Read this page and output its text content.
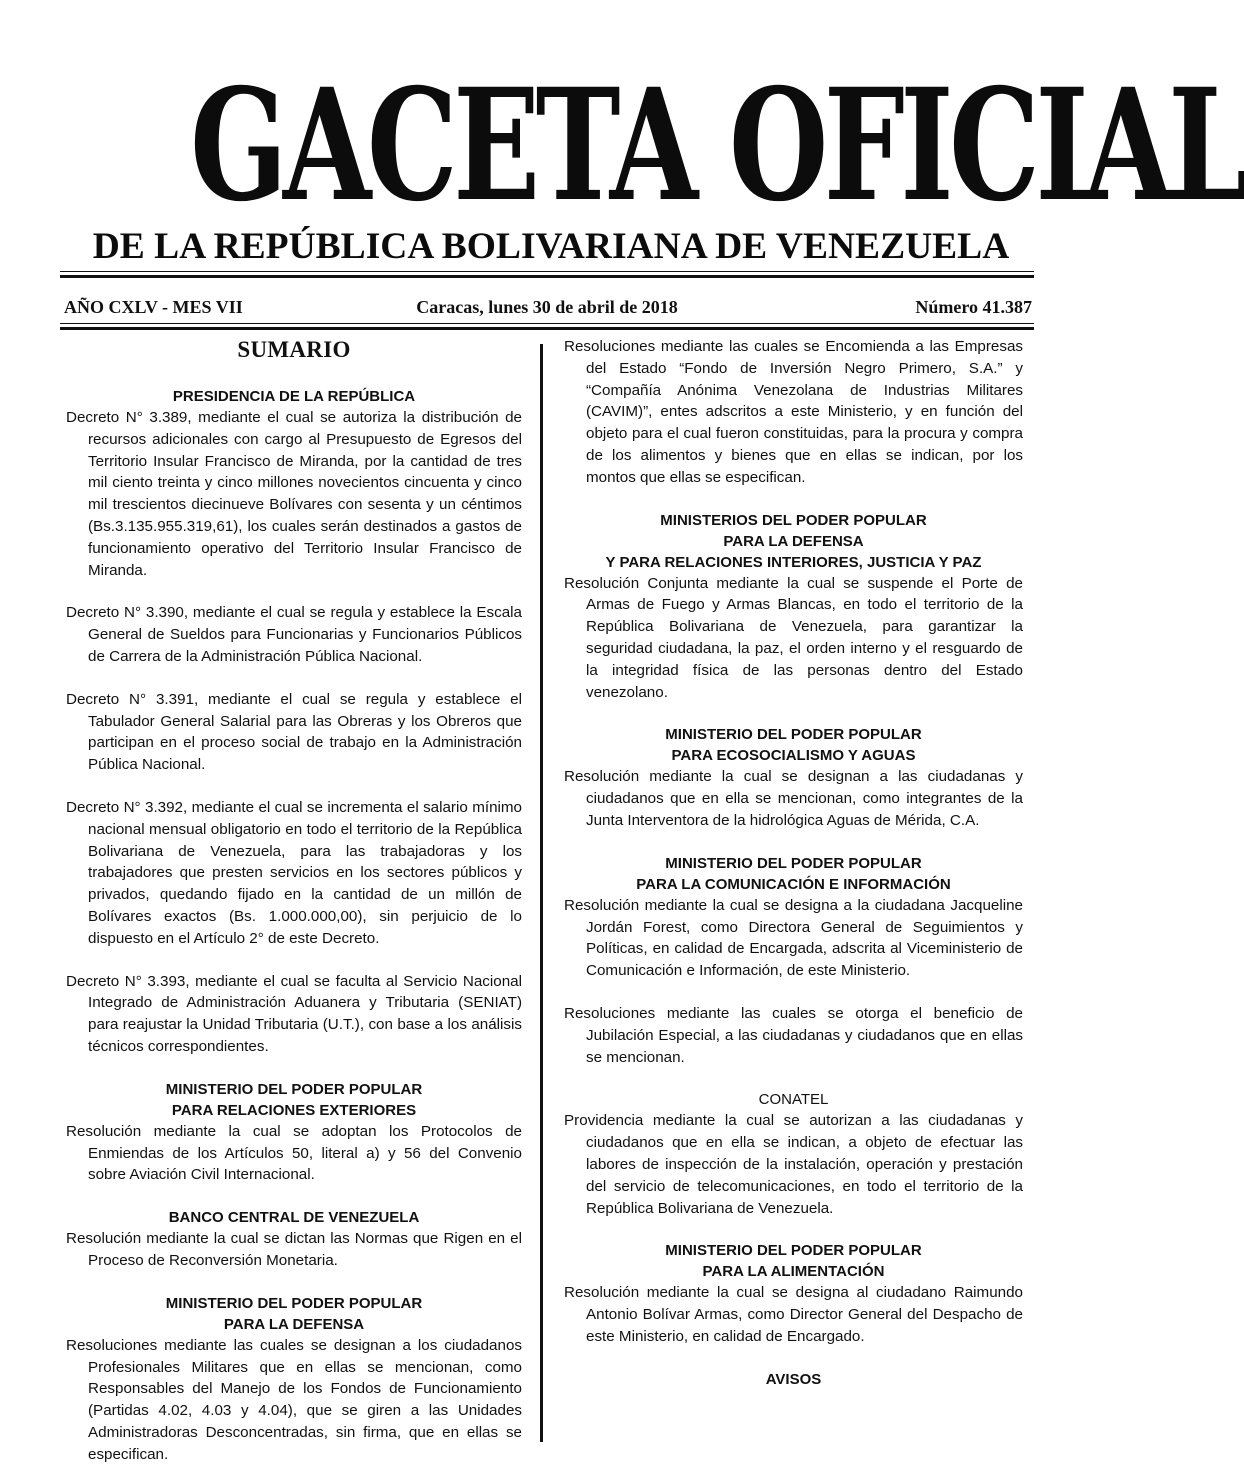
GACETA OFICIAL
DE LA REPÚBLICA BOLIVARIANA DE VENEZUELA
AÑO CXLV - MES VII	Caracas, lunes 30 de abril de 2018	Número 41.387
SUMARIO
PRESIDENCIA DE LA REPÚBLICA

Decreto N° 3.389, mediante el cual se autoriza la distribución de recursos adicionales con cargo al Presupuesto de Egresos del Territorio Insular Francisco de Miranda, por la cantidad de tres mil ciento treinta y cinco millones novecientos cincuenta y cinco mil trescientos diecinueve Bolívares con sesenta y un céntimos (Bs.3.135.955.319,61), los cuales serán destinados a gastos de funcionamiento operativo del Territorio Insular Francisco de Miranda.

Decreto N° 3.390, mediante el cual se regula y establece la Escala General de Sueldos para Funcionarias y Funcionarios Públicos de Carrera de la Administración Pública Nacional.

Decreto N° 3.391, mediante el cual se regula y establece el Tabulador General Salarial para las Obreras y los Obreros que participan en el proceso social de trabajo en la Administración Pública Nacional.

Decreto N° 3.392, mediante el cual se incrementa el salario mínimo nacional mensual obligatorio en todo el territorio de la República Bolivariana de Venezuela, para las trabajadoras y los trabajadores que presten servicios en los sectores públicos y privados, quedando fijado en la cantidad de un millón de Bolívares exactos (Bs. 1.000.000,00), sin perjuicio de lo dispuesto en el Artículo 2° de este Decreto.

Decreto N° 3.393, mediante el cual se faculta al Servicio Nacional Integrado de Administración Aduanera y Tributaria (SENIAT) para reajustar la Unidad Tributaria (U.T.), con base a los análisis técnicos correspondientes.

MINISTERIO DEL PODER POPULAR
PARA RELACIONES EXTERIORES

Resolución mediante la cual se adoptan los Protocolos de Enmiendas de los Artículos 50, literal a) y 56 del Convenio sobre Aviación Civil Internacional.

BANCO CENTRAL DE VENEZUELA

Resolución mediante la cual se dictan las Normas que Rigen en el Proceso de Reconversión Monetaria.

MINISTERIO DEL PODER POPULAR
PARA LA DEFENSA

Resoluciones mediante las cuales se designan a los ciudadanos Profesionales Militares que en ellas se mencionan, como Responsables del Manejo de los Fondos de Funcionamiento (Partidas 4.02, 4.03 y 4.04), que se giren a las Unidades Administradoras Desconcentradas, sin firma, que en ellas se especifican.

Resoluciones mediante las cuales se Encomienda a las Empresas del Estado “Fondo de Inversión Negro Primero, S.A.” y “Compañía Anónima Venezolana de Industrias Militares (CAVIM)”, entes adscritos a este Ministerio, y en función del objeto para el cual fueron constituidas, para la procura y compra de los alimentos y bienes que en ellas se indican, por los montos que ellas se especifican.

MINISTERIOS DEL PODER POPULAR
PARA LA DEFENSA
Y PARA RELACIONES INTERIORES, JUSTICIA Y PAZ

Resolución Conjunta mediante la cual se suspende el Porte de Armas de Fuego y Armas Blancas, en todo el territorio de la República Bolivariana de Venezuela, para garantizar la seguridad ciudadana, la paz, el orden interno y el resguardo de la integridad física de las personas dentro del Estado venezolano.

MINISTERIO DEL PODER POPULAR
PARA ECOSOCIALISMO Y AGUAS

Resolución mediante la cual se designan a las ciudadanas y ciudadanos que en ella se mencionan, como integrantes de la Junta Interventora de la hidrológica Aguas de Mérida, C.A.

MINISTERIO DEL PODER POPULAR
PARA LA COMUNICACIÓN E INFORMACIÓN

Resolución mediante la cual se designa a la ciudadana Jacqueline Jordán Forest, como Directora General de Seguimientos y Políticas, en calidad de Encargada, adscrita al Viceministerio de Comunicación e Información, de este Ministerio.

Resoluciones mediante las cuales se otorga el beneficio de Jubilación Especial, a las ciudadanas y ciudadanos que en ellas se mencionan.

CONATEL

Providencia mediante la cual se autorizan a las ciudadanas y ciudadanos que en ella se indican, a objeto de efectuar las labores de inspección de la instalación, operación y prestación del servicio de telecomunicaciones, en todo el territorio de la República Bolivariana de Venezuela.

MINISTERIO DEL PODER POPULAR
PARA LA ALIMENTACIÓN

Resolución mediante la cual se designa al ciudadano Raimundo Antonio Bolívar Armas, como Director General del Despacho de este Ministerio, en calidad de Encargado.

AVISOS
